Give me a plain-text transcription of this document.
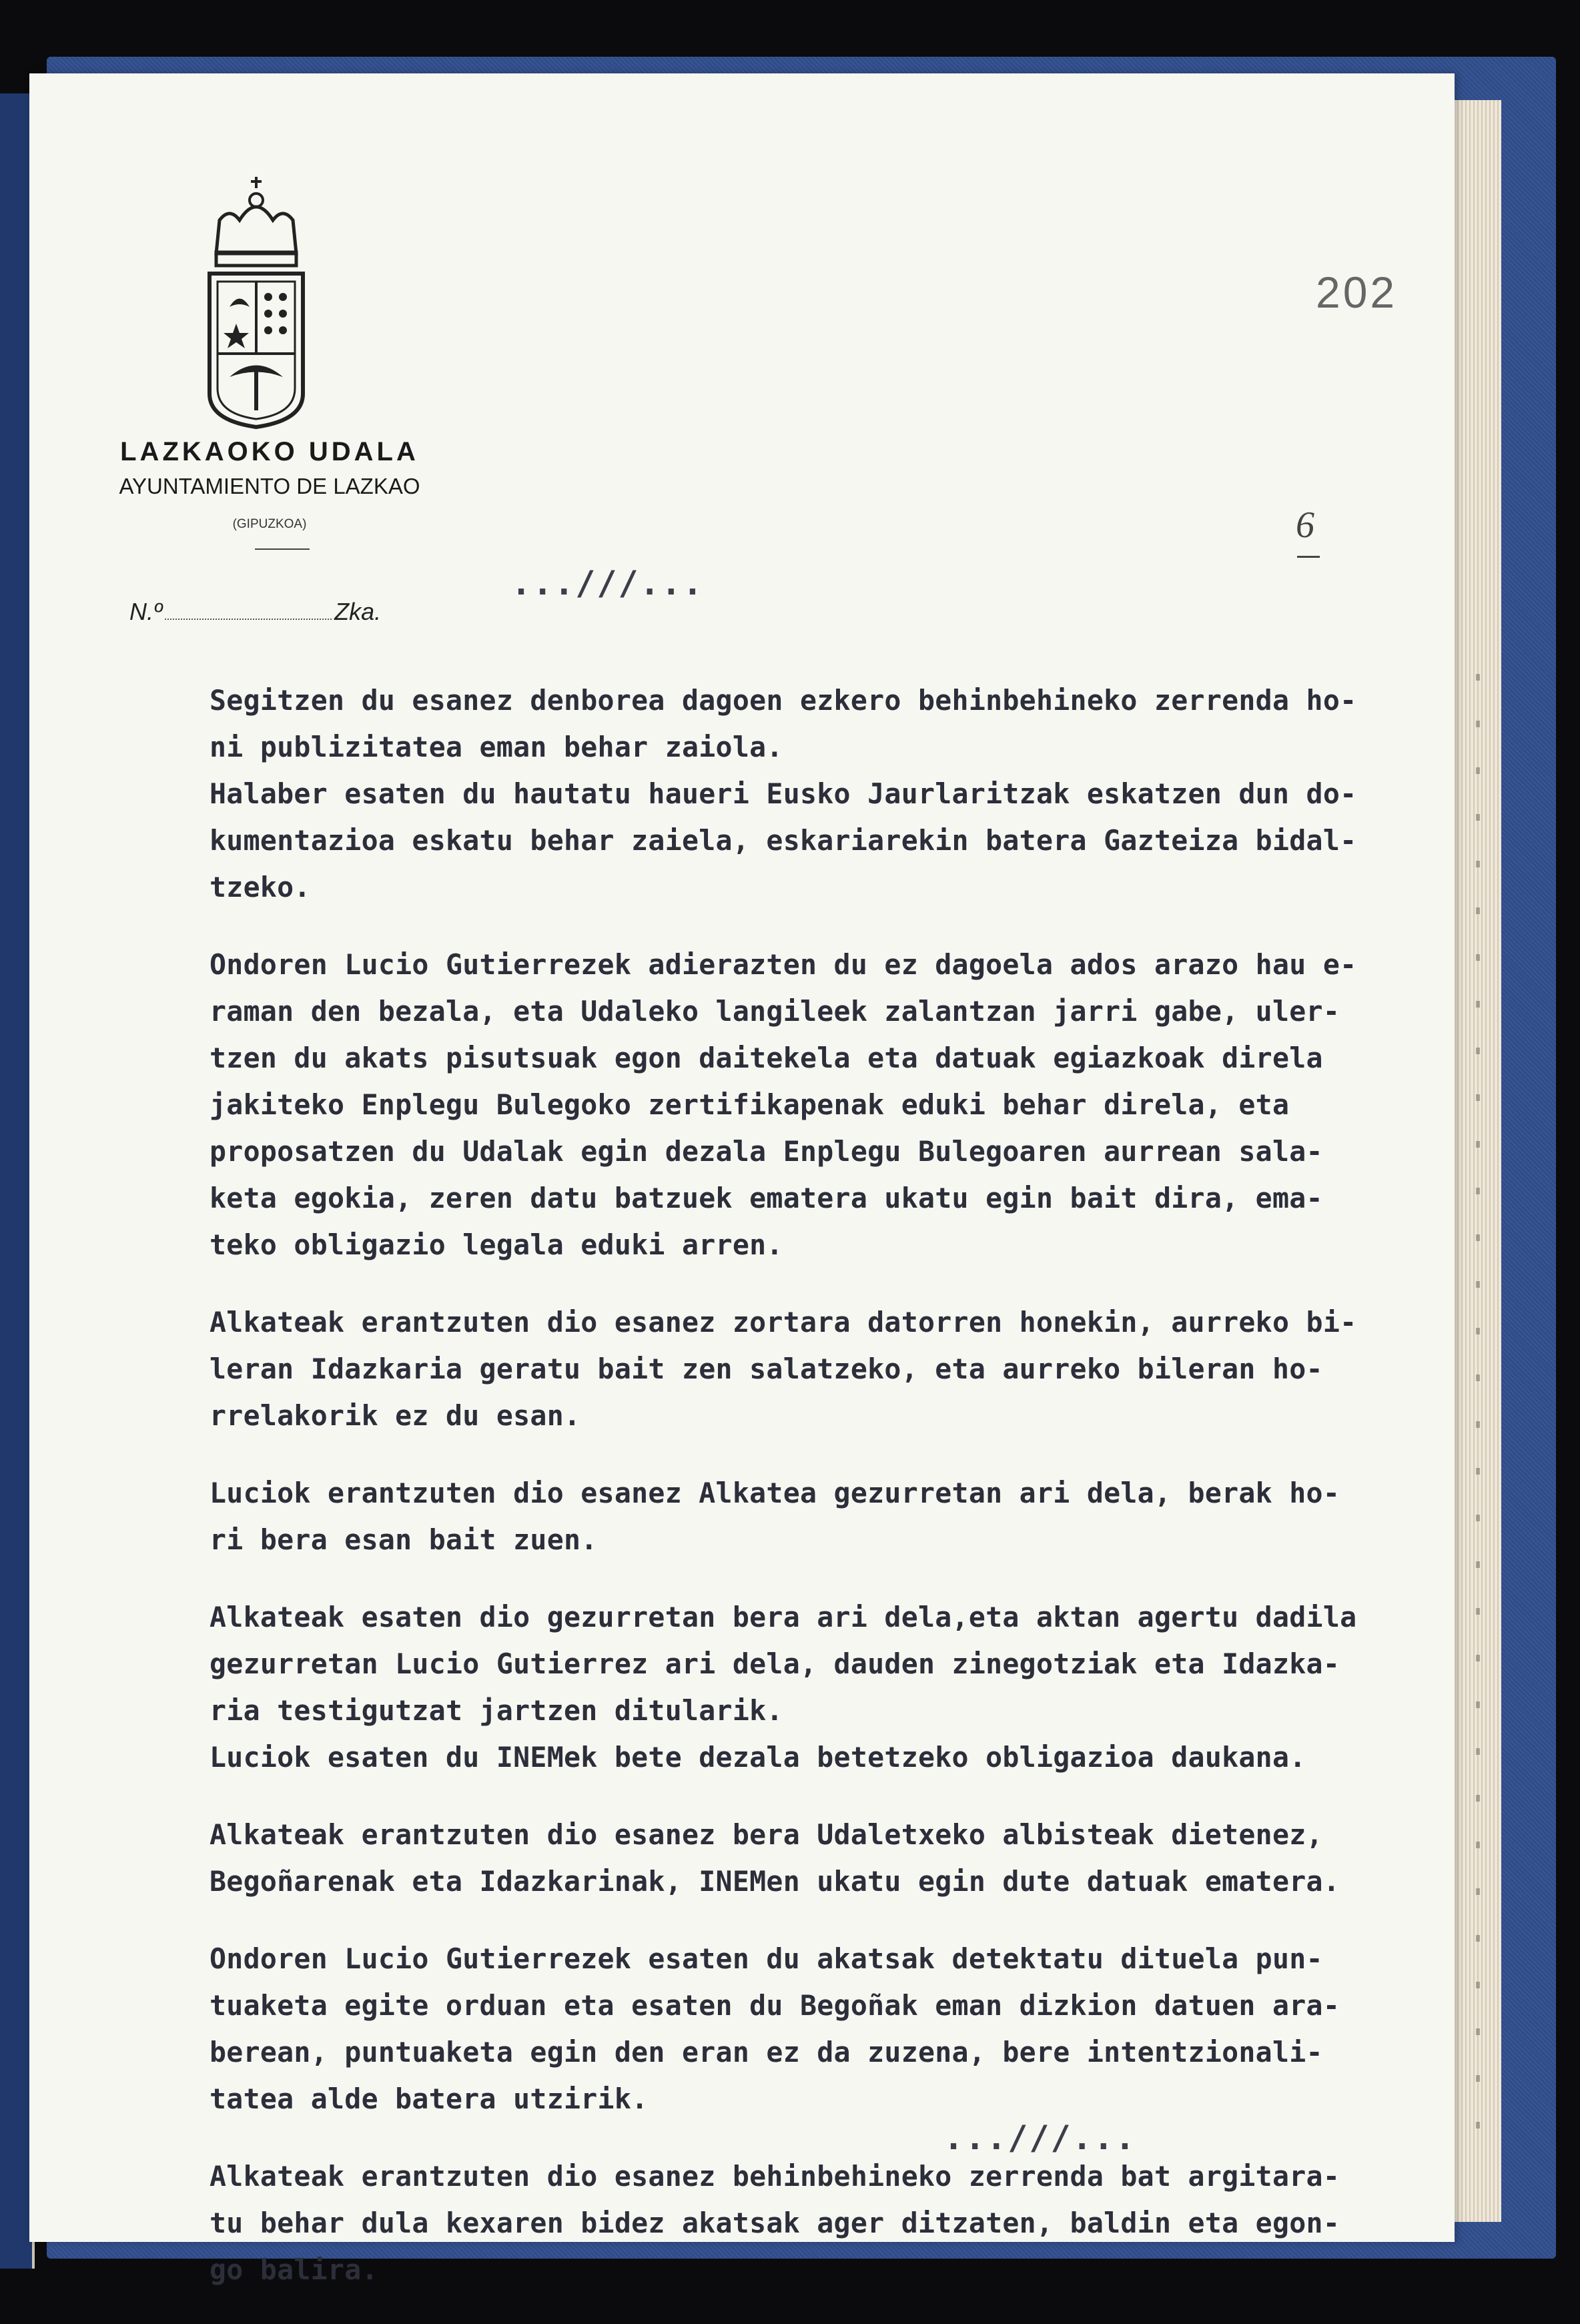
LAZKAOKO UDALA
AYUNTAMIENTO DE LAZKAO
(GIPUZKOA)
N.º	Zka.
202
6
...///...
Segitzen du esanez denborea dagoen ezkero behinbehineko zerrenda ho-
ni publizitatea eman behar zaiola.
Halaber esaten du hautatu haueri Eusko Jaurlaritzak eskatzen dun do-
kumentazioa eskatu behar zaiela, eskariarekin batera Gazteiza bidal-
tzeko.
Ondoren Lucio Gutierrezek adierazten du ez dagoela ados arazo hau e-
raman den bezala, eta Udaleko langileek zalantzan jarri gabe, uler-
tzen du akats pisutsuak egon daitekela eta datuak egiazkoak direla
jakiteko Enplegu Bulegoko zertifikapenak eduki behar direla, eta
proposatzen du Udalak egin dezala Enplegu Bulegoaren aurrean sala-
keta egokia, zeren datu batzuek ematera ukatu egin bait dira, ema-
teko obligazio legala eduki arren.
Alkateak erantzuten dio esanez zortara datorren honekin, aurreko bi-
leran Idazkaria geratu bait zen salatzeko, eta aurreko bileran ho-
rrelakorik ez du esan.
Luciok erantzuten dio esanez Alkatea gezurretan ari dela, berak ho-
ri bera esan bait zuen.
Alkateak esaten dio gezurretan bera ari dela,eta aktan agertu dadila
gezurretan Lucio Gutierrez ari dela, dauden zinegotziak eta Idazka-
ria testigutzat jartzen ditularik.
Luciok esaten du INEMek bete dezala betetzeko obligazioa daukana.
Alkateak erantzuten dio esanez bera Udaletxeko albisteak dietenez,
Begoñarenak eta Idazkarinak, INEMen ukatu egin dute datuak ematera.
Ondoren Lucio Gutierrezek esaten du akatsak detektatu dituela pun-
tuaketa egite orduan eta esaten du Begoñak eman dizkion datuen ara-
berean, puntuaketa egin den eran ez da zuzena, bere intentzionali-
tatea alde batera utzirik.
Alkateak erantzuten dio esanez behinbehineko zerrenda bat argitara-
tu behar dula kexaren bidez akatsak ager ditzaten, baldin eta egon-
go balira.
...///...
